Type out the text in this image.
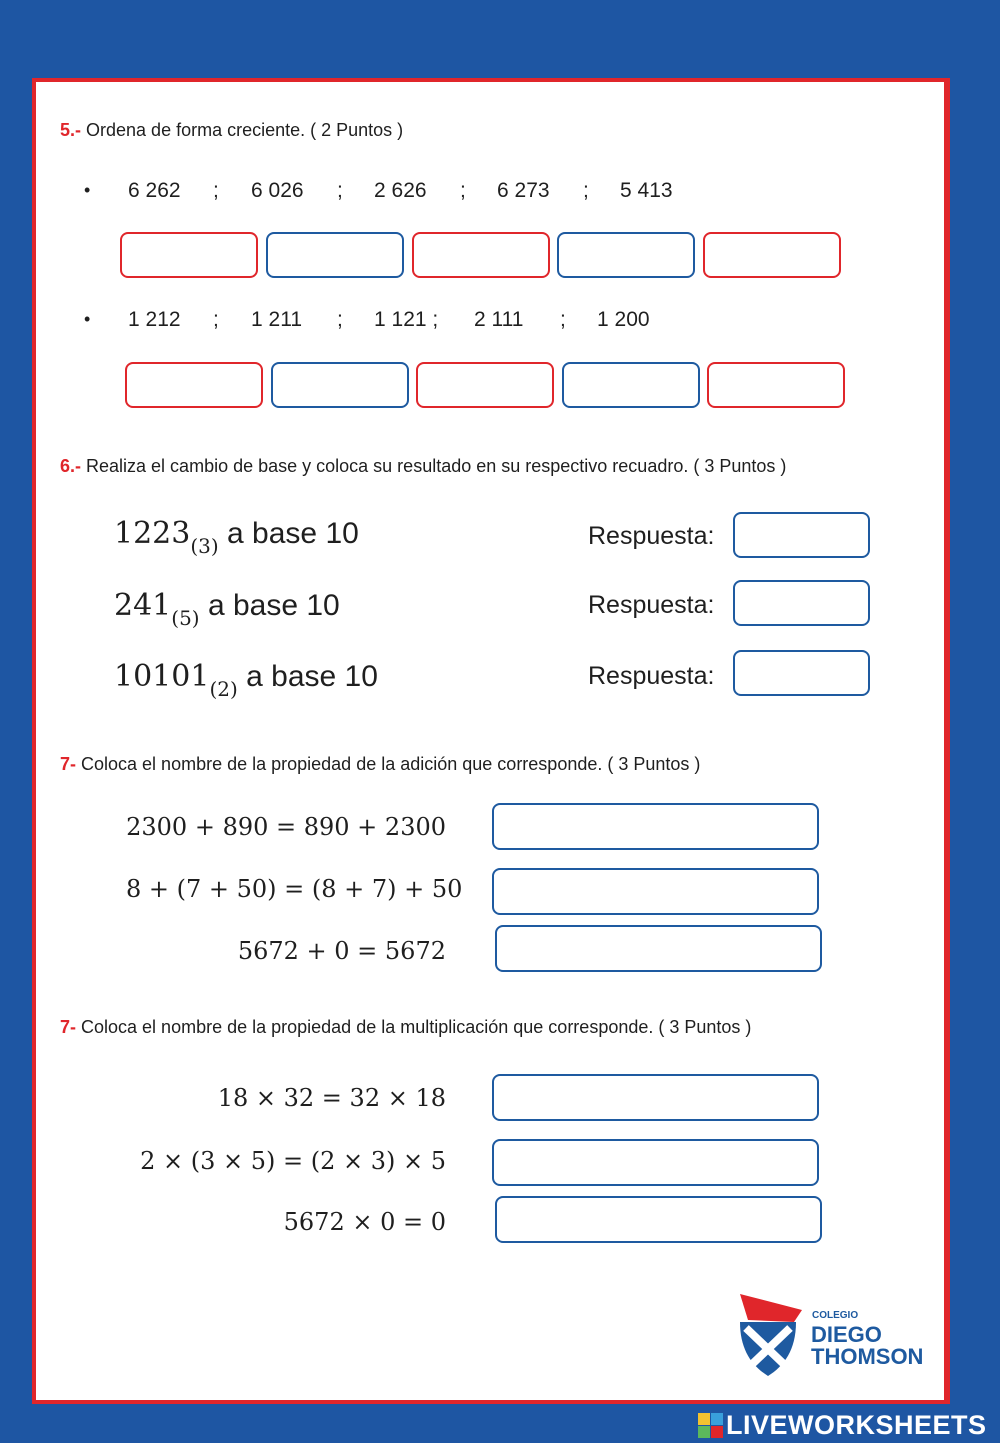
5.- Ordena de forma creciente. ( 2 Puntos )
• 6 262 ; 6 026 ; 2 626 ; 6 273 ; 5 413
• 1 212 ; 1 211 ; 1 121 ; 2 111 ; 1 200
6.- Realiza el cambio de base y coloca su resultado en su respectivo recuadro. ( 3 Puntos )
$1223_{(3)}$ a base 10	Respuesta:
$241_{(5)}$ a base 10	Respuesta:
$10101_{(2)}$ a base 10	Respuesta:
7- Coloca el nombre de la propiedad de la adición que corresponde. ( 3 Puntos )
2300 + 890 = 890 + 2300
8 + (7 + 50) = (8 + 7) + 50
5672 + 0 = 5672
7- Coloca el nombre de la propiedad de la multiplicación que corresponde. ( 3 Puntos )
18 × 32 = 32 × 18
2 × (3 × 5) = (2 × 3) × 5
5672 × 0 = 0
COLEGIO
DIEGO
THOMSON
LIVEWORKSHEETS
